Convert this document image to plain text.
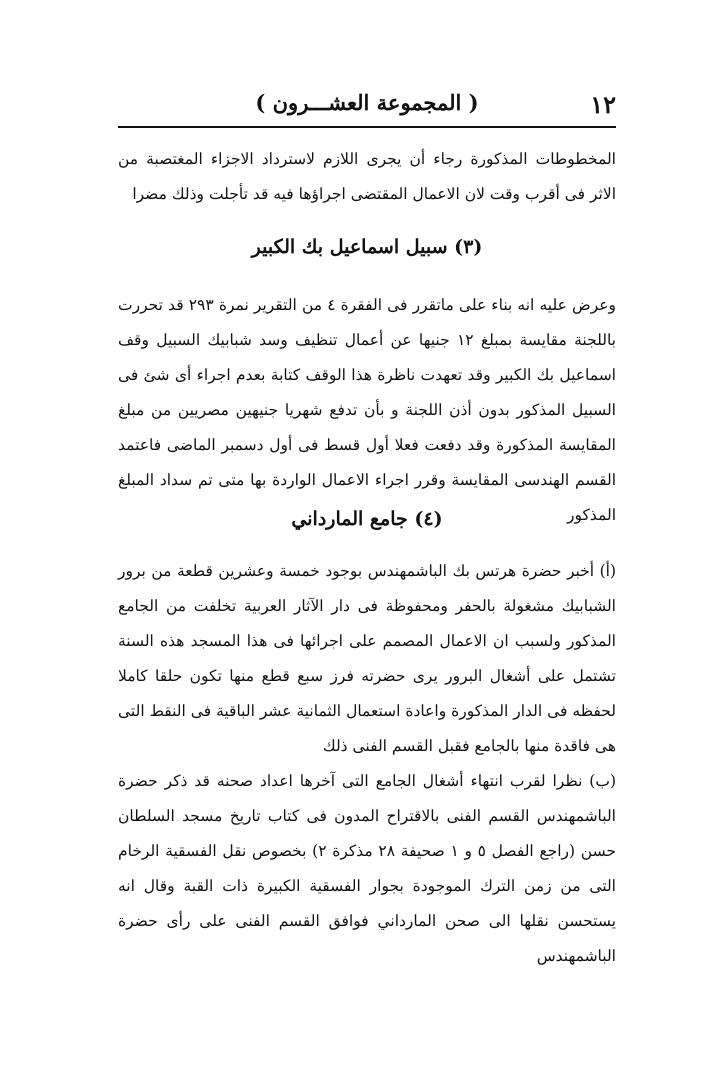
١٢
( المجموعة العشـــرون )

المخطوطات المذكورة رجاء أن يجرى اللازم لاسترداد الاجزاء المغتصبة من الاثر فى أقرب وقت لان الاعمال المقتضى اجراؤها فيه قد تأجلت وذلك مضرا

(٣) سبيل اسماعيل بك الكبير

وعرض عليه انه بناء على ماتقرر فى الفقرة ٤ من التقرير نمرة ٢٩٣ قد تحررت باللجنة مقايسة بمبلغ ١٢ جنيها عن أعمال تنظيف وسد شبابيك السبيل وقف اسماعيل بك الكبير وقد تعهدت ناظرة هذا الوقف كتابة بعدم اجراء أى شئ فى السبيل المذكور بدون أذن اللجنة و بأن تدفع شهريا جنيهين مصريين من مبلغ المقايسة المذكورة وقد دفعت فعلا أول قسط فى أول دسمبر الماضى فاعتمد القسم الهندسى المقايسة وقرر اجراء الاعمال الواردة بها متى تم سداد المبلغ المذكور

(٤) جامع المارداني

(أ) أخبر حضرة هرتس بك الباشمهندس بوجود خمسة وعشرين قطعة من برور الشبابيك مشغولة بالحفر ومحفوظة فى دار الآثار العربية تخلفت من الجامع المذكور ولسبب ان الاعمال المصمم على اجرائها فى هذا المسجد هذه السنة تشتمل على أشغال البرور يرى حضرته فرز سبع قطع منها تكون حلقا كاملا لحفظه فى الدار المذكورة واعادة استعمال الثمانية عشر الباقية فى النقط التى هى فاقدة منها بالجامع فقبل القسم الفنى ذلك

(ب) نظرا لقرب انتهاء أشغال الجامع التى آخرها اعداد صحنه قد ذكر حضرة الباشمهندس القسم الفنى بالاقتراح المدون فى كتاب تاريخ مسجد السلطان حسن (راجع الفصل ٥ و ١ صحيفة ٢٨ مذكرة ٢) بخصوص نقل الفسقية الرخام التى من زمن الترك الموجودة بجوار الفسقية الكبيرة ذات القبة وقال انه يستحسن نقلها الى صحن المارداني فوافق القسم الفنى على رأى حضرة الباشمهندس
